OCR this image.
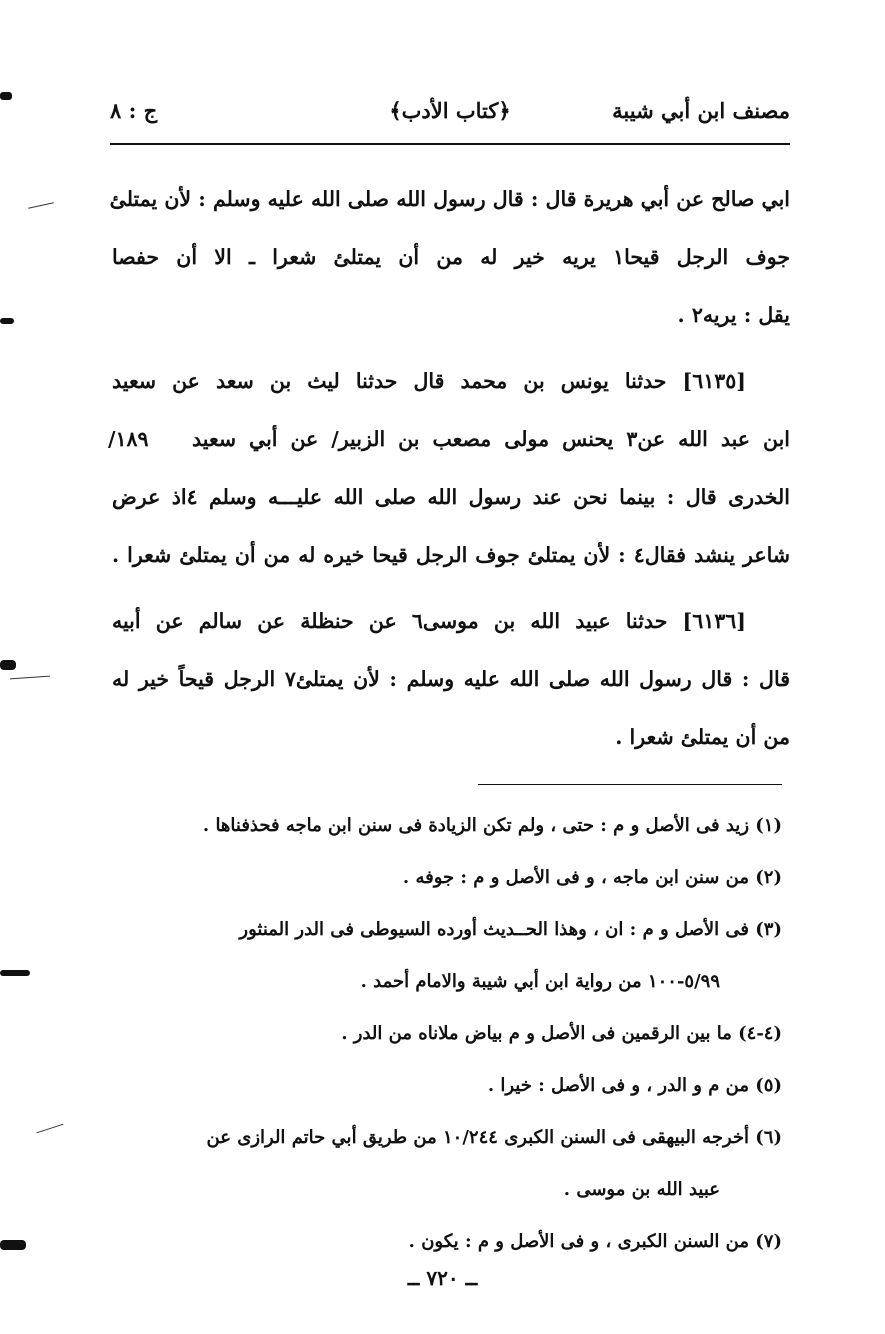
مصنف ابن أبي شيبة
﴿كتاب الأدب﴾
ج : ٨
ابي صالح عن أبي هريرة قال : قال رسول الله صلى الله عليه وسلم : لأن يمتلئ
جوف الرجل قيحا١ يريه خير له من أن يمتلئ شعرا ـ الا أن حفصا
يقل : يريه٢ .
[٦١٣٥] حدثنا يونس بن محمد قال حدثنا ليث بن سعد عن سعيد
ابن عبد الله عن٣ يحنس مولى مصعب بن الزبير/ عن أبي سعيد
١٨٩/
الخدرى قال : بينما نحن عند رسول الله صلى الله عليـــه وسلم ٤اذ عرض
شاعر ينشد فقال٤ : لأن يمتلئ جوف الرجل قيحا خيره له من أن يمتلئ شعرا .
[٦١٣٦] حدثنا عبيد الله بن موسى٦ عن حنظلة عن سالم عن أبيه
قال : قال رسول الله صلى الله عليه وسلم : لأن يمتلئ٧ الرجل قيحاً خير له
من أن يمتلئ شعرا .
(١) زيد فى الأصل و م : حتى ، ولم تكن الزيادة فى سنن ابن ماجه فحذفناها .
(٢) من سنن ابن ماجه ، و فى الأصل و م : جوفه .
(٣) فى الأصل و م : ان ، وهذا الحــديث أورده السيوطى فى الدر المنثور
٥/٩٩-١٠٠ من رواية ابن أبي شيبة والامام أحمد .
(٤-٤) ما بين الرقمين فى الأصل و م بياض ملاناه من الدر .
(٥) من م و الدر ، و فى الأصل : خيرا .
(٦) أخرجه البيهقى فى السنن الكبرى ١٠/٢٤٤ من طريق أبي حاتم الرازى عن
عبيد الله بن موسى .
(٧) من السنن الكبرى ، و فى الأصل و م : يكون .
ــ ٧٢٠ ــ
